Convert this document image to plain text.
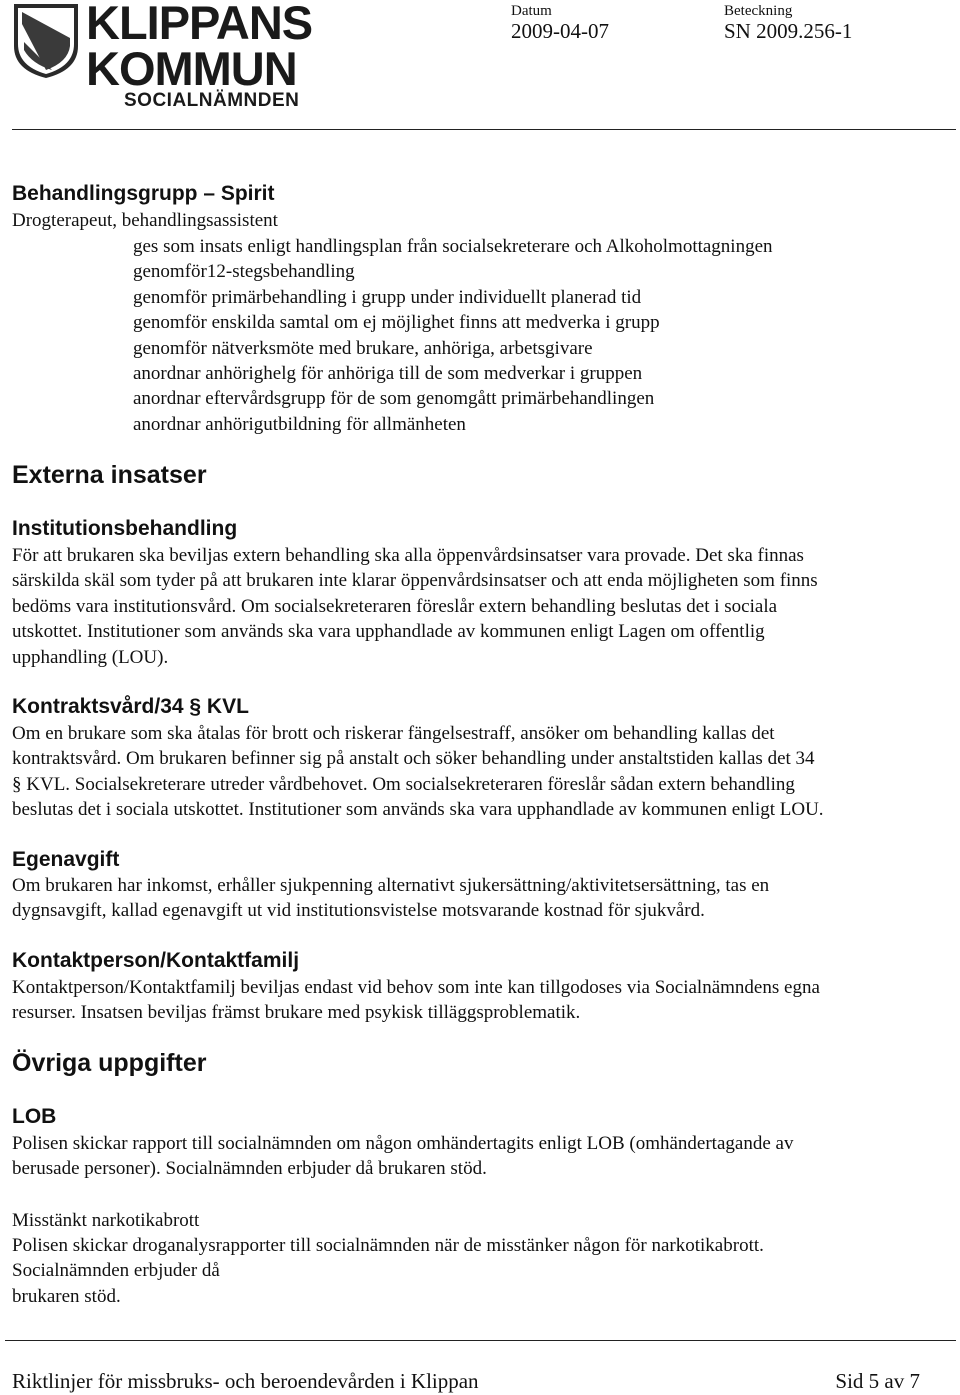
KLIPPANS
KOMMUN
SOCIALNÄMNDEN
Datum
2009-04-07
Beteckning
SN 2009.256-1
Behandlingsgrupp – Spirit
Drogterapeut, behandlingsassistent
ges som insats enligt handlingsplan från socialsekreterare och Alkoholmottagningen
genomför12-stegsbehandling
genomför primärbehandling i grupp under individuellt planerad tid
genomför enskilda samtal om ej möjlighet finns att medverka i grupp
genomför nätverksmöte med brukare, anhöriga, arbetsgivare
anordnar anhörighelg för anhöriga till de som medverkar i gruppen
anordnar eftervårdsgrupp för de som genomgått primärbehandlingen
anordnar anhörigutbildning för allmänheten
Externa insatser
Institutionsbehandling
För att brukaren ska beviljas extern behandling ska alla öppenvårdsinsatser vara provade. Det ska finnas
särskilda skäl som tyder på att brukaren inte klarar öppenvårdsinsatser och att enda möjligheten som finns
bedöms vara institutionsvård. Om socialsekreteraren föreslår extern behandling beslutas det i sociala
utskottet. Institutioner som används ska vara upphandlade av kommunen enligt Lagen om offentlig
upphandling (LOU).
Kontraktsvård/34 § KVL
Om en brukare som ska åtalas för brott och riskerar fängelsestraff, ansöker om behandling kallas det
kontraktsvård. Om brukaren befinner sig på anstalt och söker behandling under anstaltstiden kallas det 34
§ KVL. Socialsekreterare utreder vårdbehovet. Om socialsekreteraren föreslår sådan extern behandling
beslutas det i sociala utskottet. Institutioner som används ska vara upphandlade av kommunen enligt LOU.
Egenavgift
Om brukaren har inkomst, erhåller sjukpenning alternativt sjukersättning/aktivitetsersättning, tas en
dygnsavgift, kallad egenavgift ut vid institutionsvistelse motsvarande kostnad för sjukvård.
Kontaktperson/Kontaktfamilj
Kontaktperson/Kontaktfamilj beviljas endast vid behov som inte kan tillgodoses via Socialnämndens egna
resurser. Insatsen beviljas främst brukare med psykisk tilläggsproblematik.
Övriga uppgifter
LOB
Polisen skickar rapport till socialnämnden om någon omhändertagits enligt LOB (omhändertagande av
berusade personer). Socialnämnden erbjuder då brukaren stöd.
Misstänkt narkotikabrott
Polisen skickar droganalysrapporter till socialnämnden när de misstänker någon för narkotikabrott.
Socialnämnden erbjuder då
brukaren stöd.
Riktlinjer för missbruks- och beroendevården i Klippan	Sid 5 av 7
